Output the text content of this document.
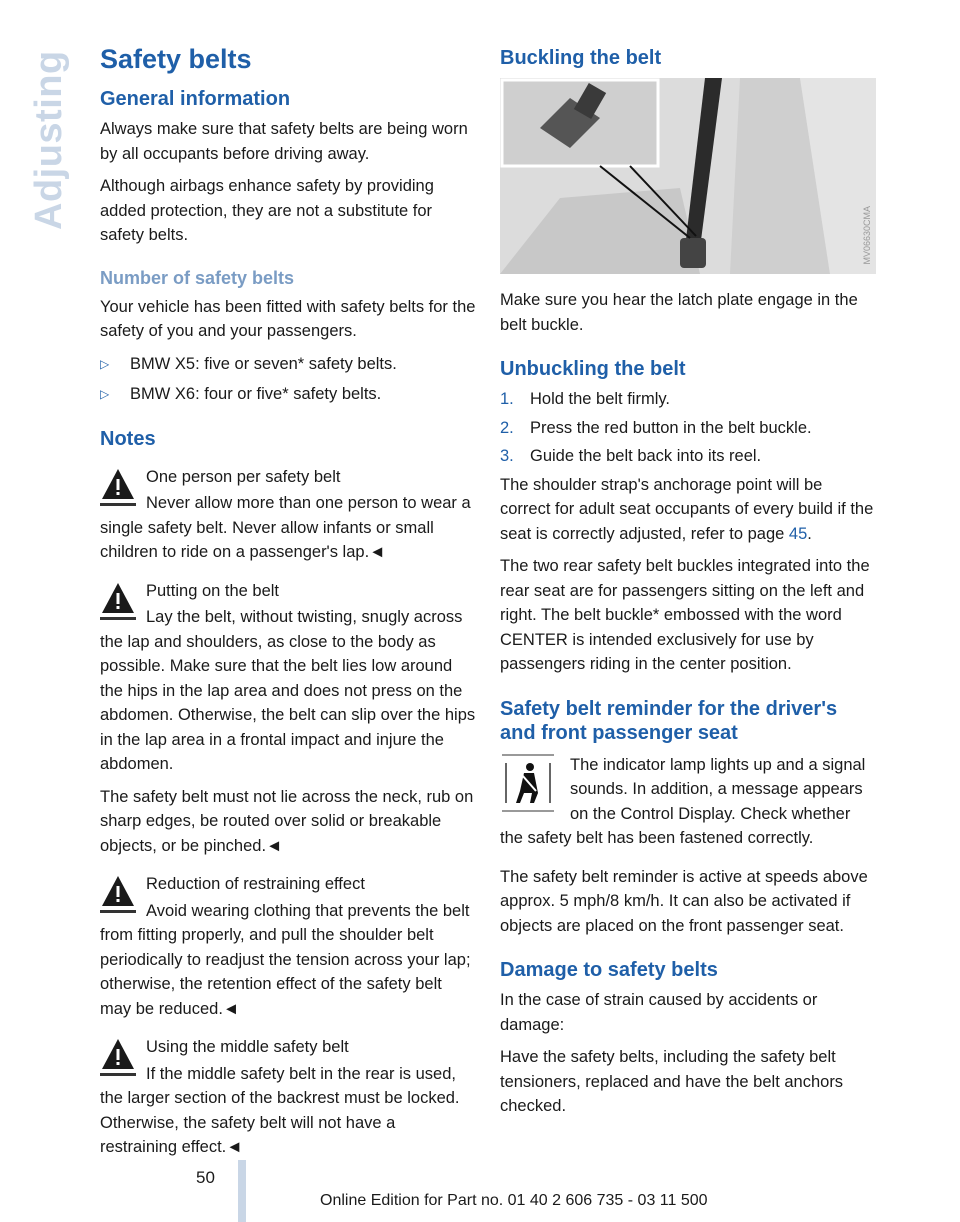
Adjusting Safety belts
General information

Always make sure that safety belts are being worn by all occupants before driving away.

Although airbags enhance safety by providing added protection, they are not a substitute for safety belts.

Number of safety belts

Your vehicle has been fitted with safety belts for the safety of you and your passengers.

▷	BMW X5: five or seven* safety belts.
▷	BMW X6: four or five* safety belts.
Notes

One person per safety belt

Never allow more than one person to wear a single safety belt. Never allow infants or small children to ride on a passenger's lap.◄

Putting on the belt

Lay the belt, without twisting, snugly across the lap and shoulders, as close to the body as possible. Make sure that the belt lies low around the hips in the lap area and does not press on the abdomen. Otherwise, the belt can slip over the hips in the lap area in a frontal impact and injure the abdomen.

The safety belt must not lie across the neck, rub on sharp edges, be routed over solid or breakable objects, or be pinched.◄

Reduction of restraining effect

Avoid wearing clothing that prevents the belt from fitting properly, and pull the shoulder belt periodically to readjust the tension across your lap; otherwise, the retention effect of the safety belt may be reduced.◄

Using the middle safety belt

If the middle safety belt in the rear is used, the larger section of the backrest must be locked. Otherwise, the safety belt will not have a restraining effect.◄

Buckling the belt
MV06630CMA

Make sure you hear the latch plate engage in the belt buckle.

Unbuckling the belt
1. Hold the belt firmly.
2. Press the red button in the belt buckle.
3. Guide the belt back into its reel.

The shoulder strap's anchorage point will be correct for adult seat occupants of every build if the seat is correctly adjusted, refer to page 45.

The two rear safety belt buckles integrated into the rear seat are for passengers sitting on the left and right. The belt buckle* embossed with the word CENTER is intended exclusively for use by passengers riding in the center position.

Safety belt reminder for the driver's and front passenger seat

The indicator lamp lights up and a signal sounds. In addition, a message appears on the Control Display. Check whether the safety belt has been fastened correctly.

The safety belt reminder is active at speeds above approx. 5 mph/8 km/h. It can also be activated if objects are placed on the front passenger seat.

Damage to safety belts

In the case of strain caused by accidents or damage:

Have the safety belts, including the safety belt tensioners, replaced and have the belt anchors checked.

50
Online Edition for Part no. 01 40 2 606 735 - 03 11 500
